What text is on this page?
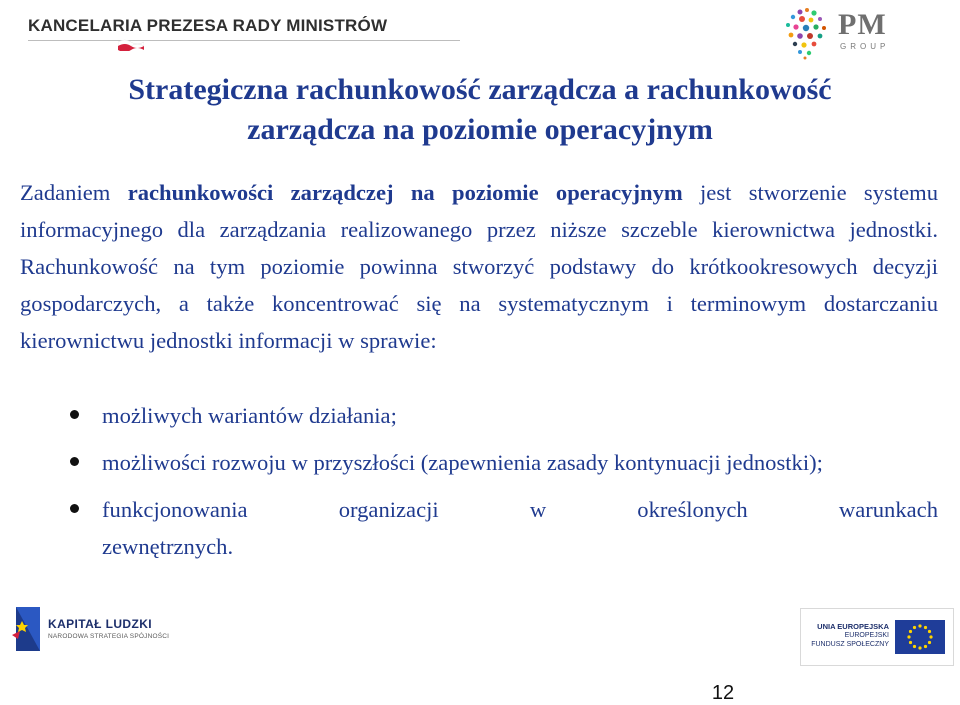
KANCELARIA PREZESA RADY MINISTRÓW	PM
GROUP
Strategiczna rachunkowość zarządcza a rachunkowość
zarządcza na poziomie operacyjnym
Zadaniem rachunkowości zarządczej na poziomie operacyjnym jest stworzenie systemu informacyjnego dla zarządzania realizowanego przez niższe szczeble kierownictwa jednostki. Rachunkowość na tym poziomie powinna stworzyć podstawy do krótkookresowych decyzji gospodarczych, a także koncentrować się na systematycznym i terminowym dostarczaniu kierownictwu jednostki informacji w sprawie:
możliwych wariantów działania;
możliwości rozwoju w przyszłości (zapewnienia zasady kontynuacji jednostki);
funkcjonowania organizacji w określonych warunkach
zewnętrznych.
KAPITAŁ LUDZKI
NARODOWA STRATEGIA SPÓJNOŚCI
UNIA EUROPEJSKA
EUROPEJSKI
FUNDUSZ SPOŁECZNY
12
